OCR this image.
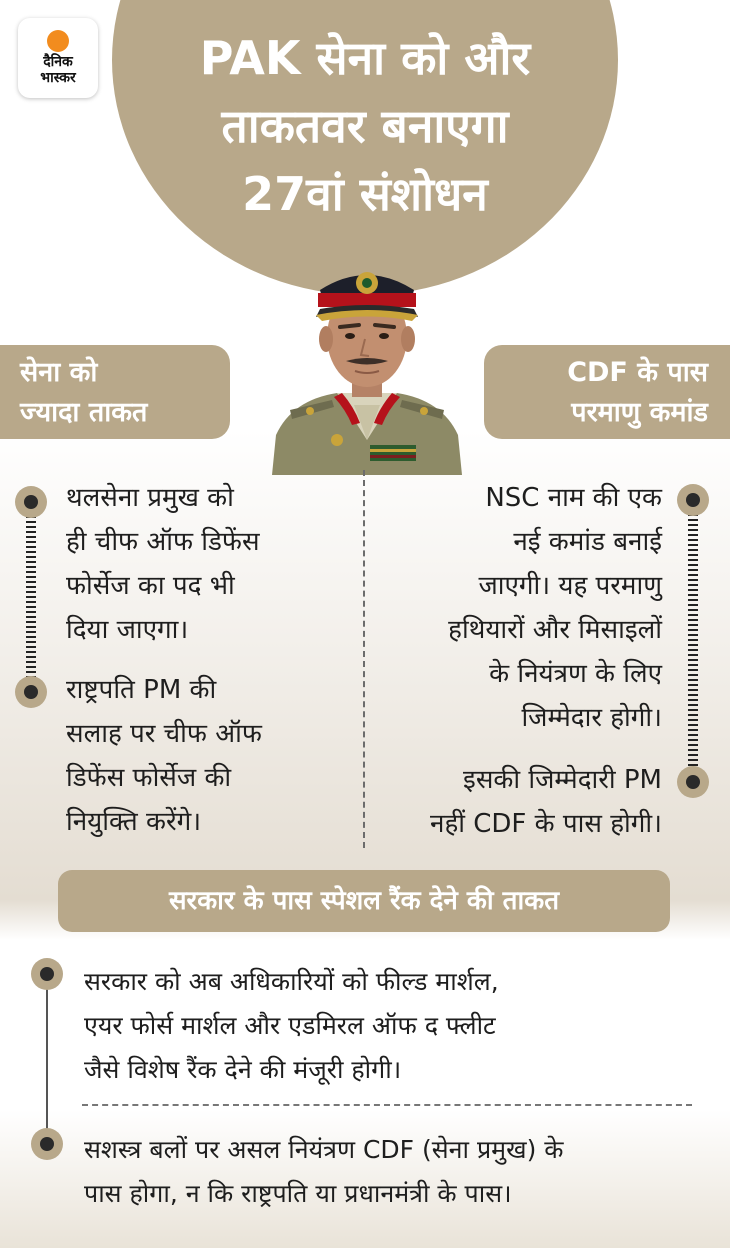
दैनिक
भास्कर	PAK सेना को और
ताकतवर बनाएगा
27वां संशोधन
सेना को
ज्यादा ताकत
CDF के पास
परमाणु कमांड
थलसेना प्रमुख को
ही चीफ ऑफ डिफेंस
फोर्सेज का पद भी
दिया जाएगा।
राष्ट्रपति PM की
सलाह पर चीफ ऑफ
डिफेंस फोर्सेज की
नियुक्ति करेंगे।
NSC नाम की एक
नई कमांड बनाई
जाएगी। यह परमाणु
हथियारों और मिसाइलों
के नियंत्रण के लिए
जिम्मेदार होगी।
इसकी जिम्मेदारी PM
नहीं CDF के पास होगी।
सरकार के पास स्पेशल रैंक देने की ताकत
सरकार को अब अधिकारियों को फील्ड मार्शल,
एयर फोर्स मार्शल और एडमिरल ऑफ द फ्लीट
जैसे विशेष रैंक देने की मंजूरी होगी।
सशस्त्र बलों पर असल नियंत्रण CDF (सेना प्रमुख) के
पास होगा, न कि राष्ट्रपति या प्रधानमंत्री के पास।
